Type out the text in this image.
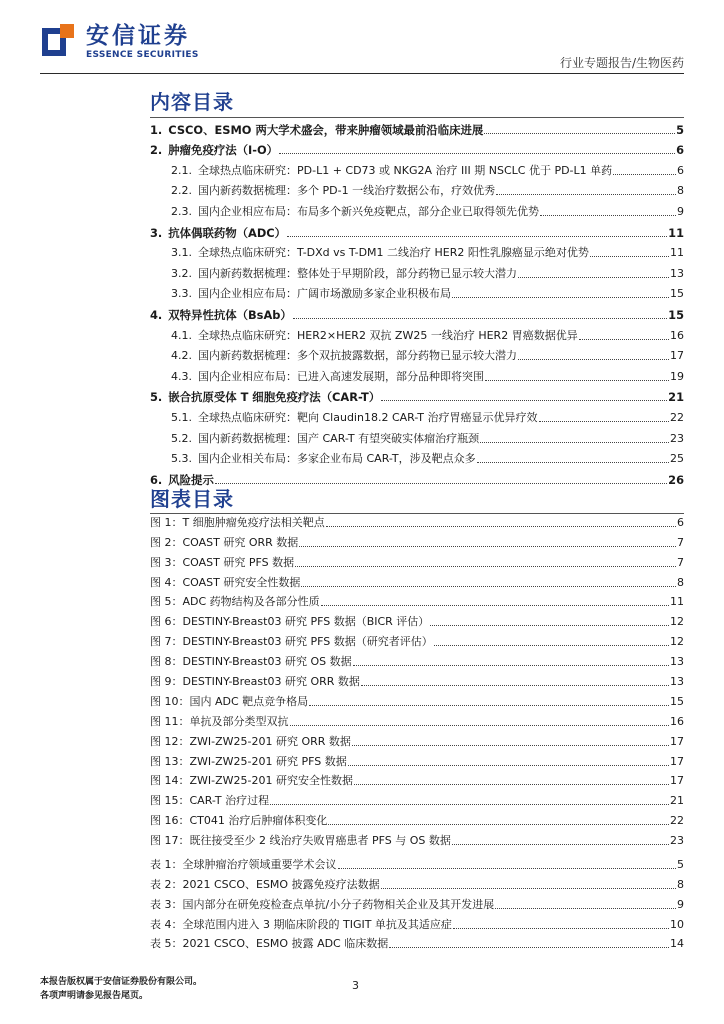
安信证券
ESSENCE SECURITIES
行业专题报告/生物医药
内容目录
1. CSCO、ESMO 两大学术盛会，带来肿瘤领域最前沿临床进展	5
2. 肿瘤免疫疗法（I-O）	6
2.1. 全球热点临床研究：PD-L1 + CD73 或 NKG2A 治疗 III 期 NSCLC 优于 PD-L1 单药	6
2.2. 国内新药数据梳理：多个 PD-1 一线治疗数据公布，疗效优秀	8
2.3. 国内企业相应布局：布局多个新兴免疫靶点，部分企业已取得领先优势	9
3. 抗体偶联药物（ADC）	11
3.1. 全球热点临床研究：T-DXd vs T-DM1 二线治疗 HER2 阳性乳腺癌显示绝对优势	11
3.2. 国内新药数据梳理：整体处于早期阶段，部分药物已显示较大潜力	13
3.3. 国内企业相应布局：广阔市场激励多家企业积极布局	15
4. 双特异性抗体（BsAb）	15
4.1. 全球热点临床研究：HER2×HER2 双抗 ZW25 一线治疗 HER2 胃癌数据优异	16
4.2. 国内新药数据梳理：多个双抗披露数据，部分药物已显示较大潜力	17
4.3. 国内企业相应布局：已进入高速发展期，部分品种即将突围	19
5. 嵌合抗原受体 T 细胞免疫疗法（CAR-T）	21
5.1. 全球热点临床研究：靶向 Claudin18.2 CAR-T 治疗胃癌显示优异疗效	22
5.2. 国内新药数据梳理：国产 CAR-T 有望突破实体瘤治疗瓶颈	23
5.3. 国内企业相关布局：多家企业布局 CAR-T，涉及靶点众多	25
6. 风险提示	26
图表目录
图 1： T 细胞肿瘤免疫疗法相关靶点	6
图 2： COAST 研究 ORR 数据	7
图 3： COAST 研究 PFS 数据	7
图 4： COAST 研究安全性数据	8
图 5： ADC 药物结构及各部分性质	11
图 6： DESTINY-Breast03 研究 PFS 数据（BICR 评估）	12
图 7： DESTINY-Breast03 研究 PFS 数据（研究者评估）	12
图 8： DESTINY-Breast03 研究 OS 数据	13
图 9： DESTINY-Breast03 研究 ORR 数据	13
图 10： 国内 ADC 靶点竞争格局	15
图 11： 单抗及部分类型双抗	16
图 12： ZWI-ZW25-201 研究 ORR 数据	17
图 13： ZWI-ZW25-201 研究 PFS 数据	17
图 14： ZWI-ZW25-201 研究安全性数据	17
图 15： CAR-T 治疗过程	21
图 16： CT041 治疗后肿瘤体积变化	22
图 17： 既往接受至少 2 线治疗失败胃癌患者 PFS 与 OS 数据	23
表 1： 全球肿瘤治疗领域重要学术会议	5
表 2： 2021 CSCO、ESMO 披露免疫疗法数据	8
表 3： 国内部分在研免疫检查点单抗/小分子药物相关企业及其开发进展	9
表 4： 全球范围内进入 3 期临床阶段的 TIGIT 单抗及其适应症	10
表 5： 2021 CSCO、ESMO 披露 ADC 临床数据	14
本报告版权属于安信证券股份有限公司。
各项声明请参见报告尾页。
3
